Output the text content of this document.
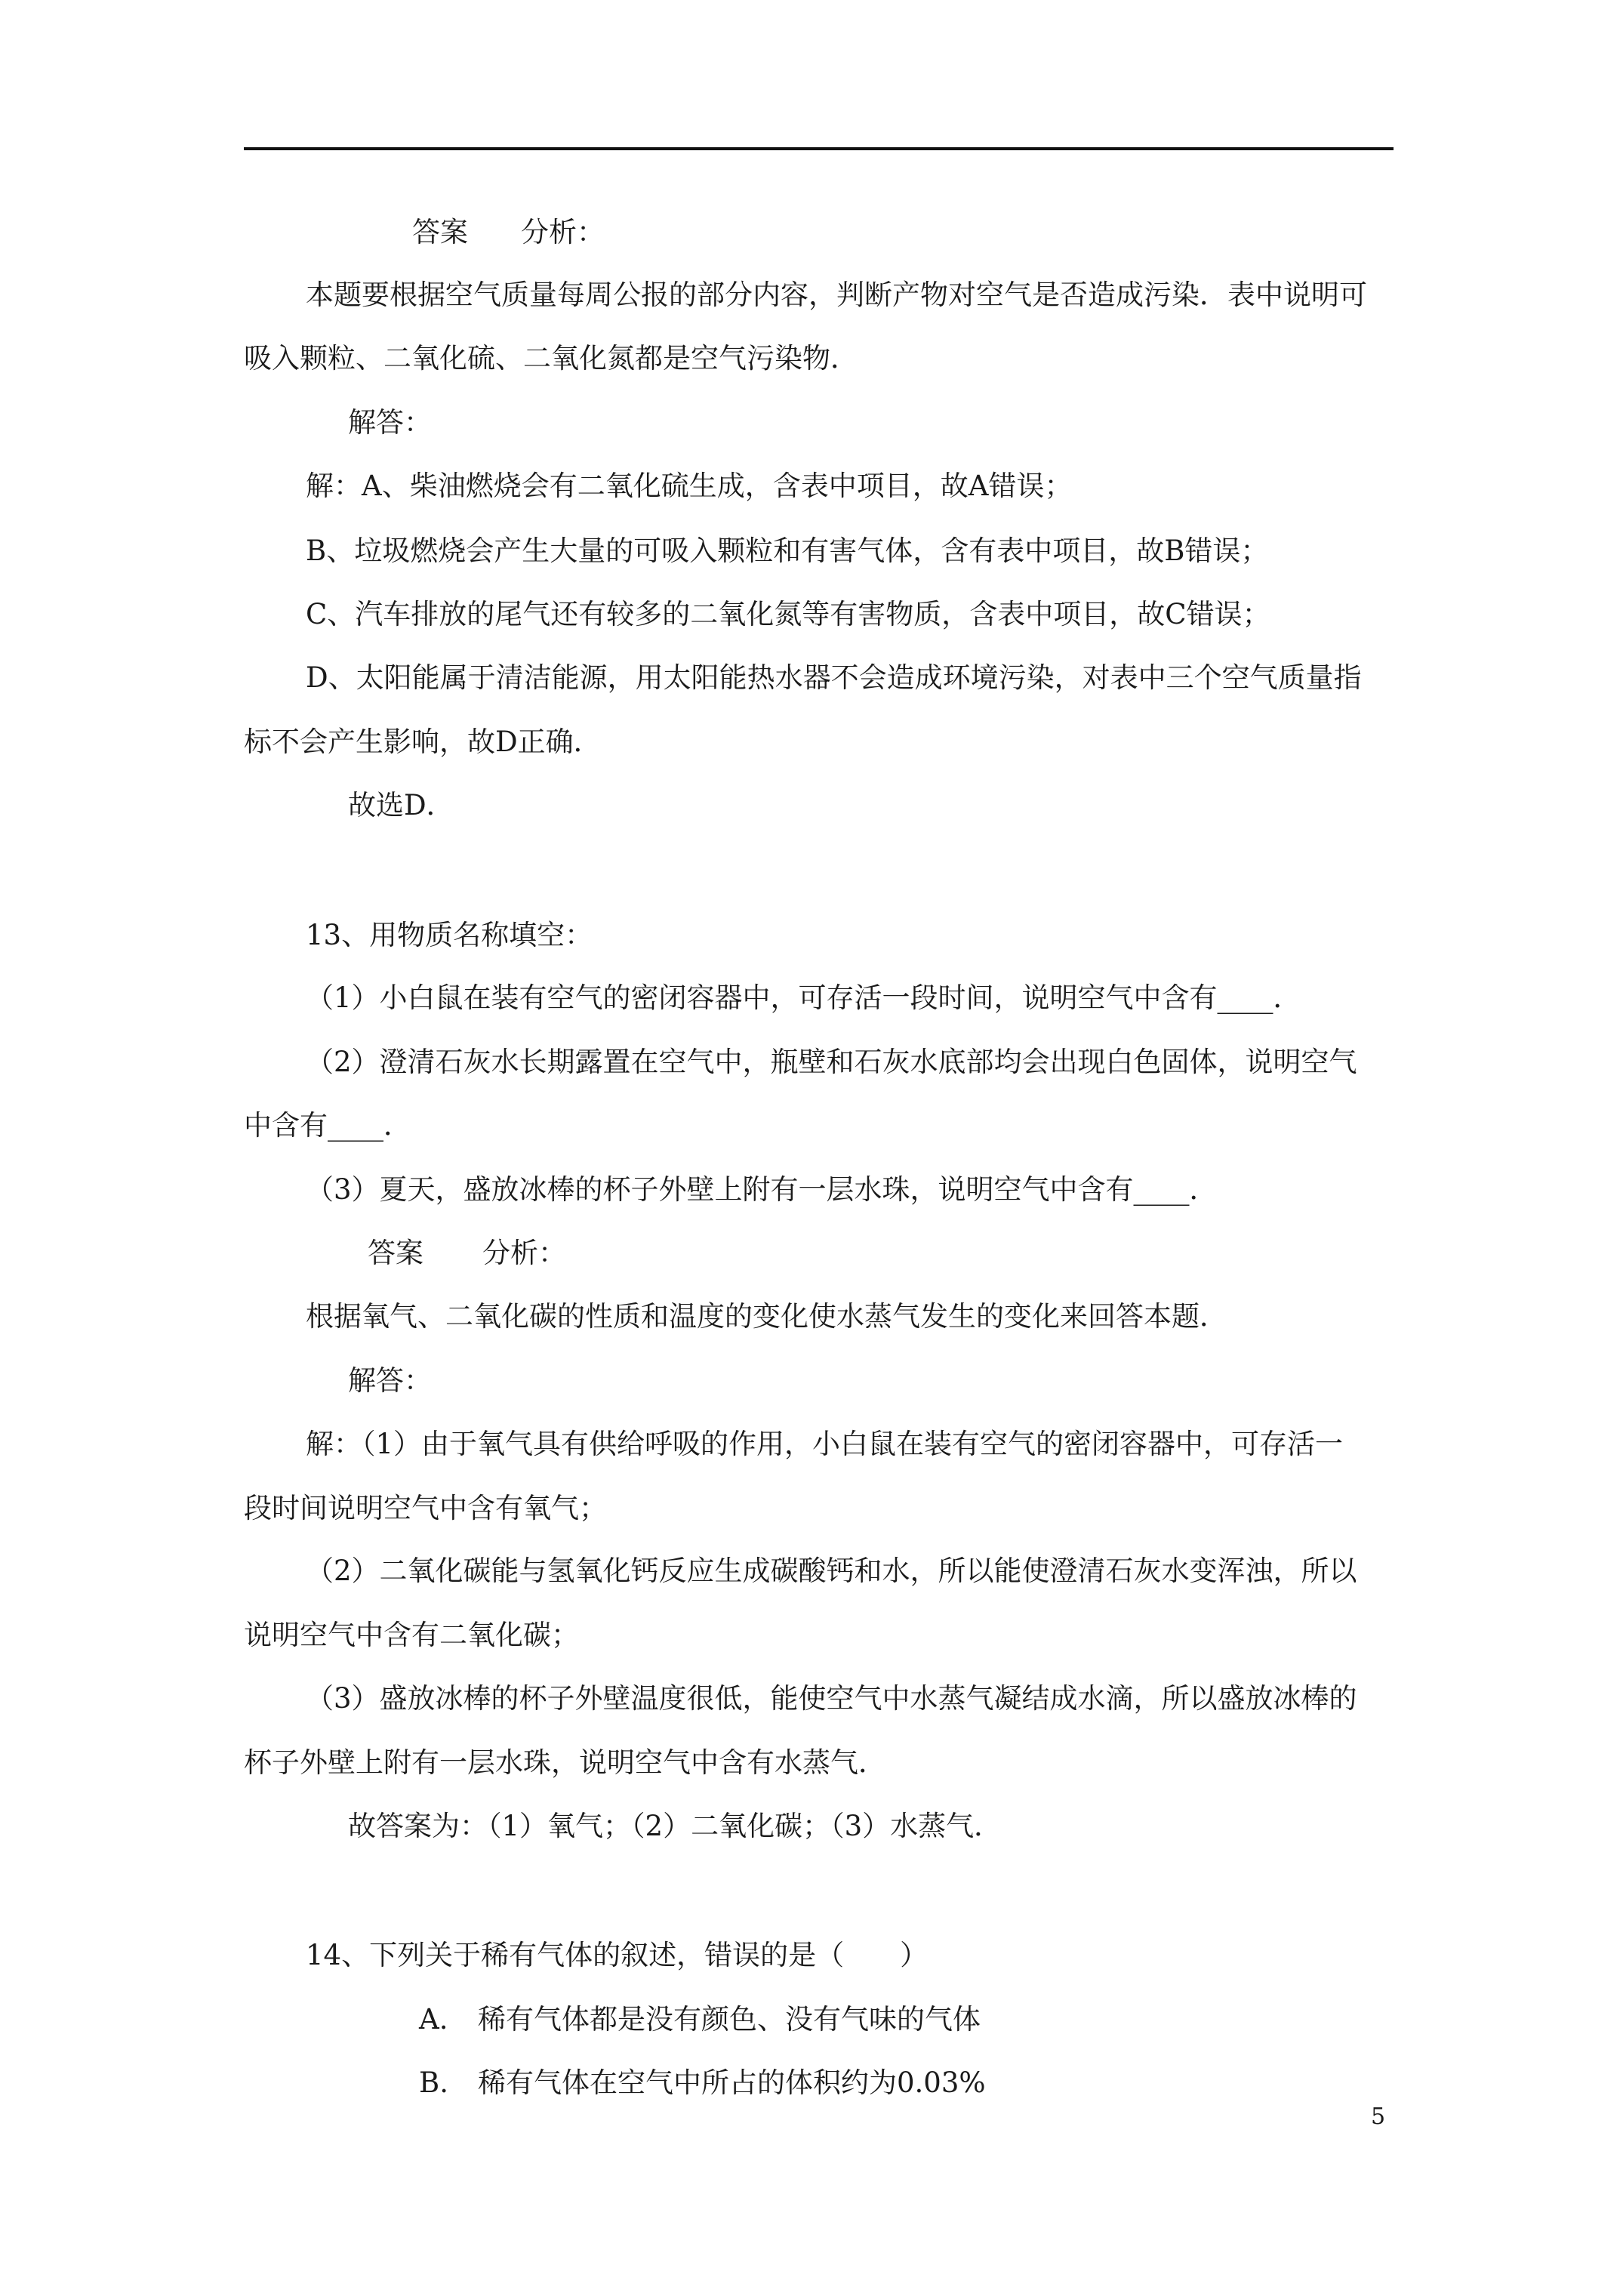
答案 分析：
本题要根据空气质量每周公报的部分内容，判断产物对空气是否造成污染．表中说明可
吸入颗粒、二氧化硫、二氧化氮都是空气污染物．
解答：
解：A、柴油燃烧会有二氧化硫生成，含表中项目，故A错误；
B、垃圾燃烧会产生大量的可吸入颗粒和有害气体，含有表中项目，故B错误；
C、汽车排放的尾气还有较多的二氧化氮等有害物质，含表中项目，故C错误；
D、太阳能属于清洁能源，用太阳能热水器不会造成环境污染，对表中三个空气质量指
标不会产生影响，故D正确．
故选D．
13、用物质名称填空：
（1）小白鼠在装有空气的密闭容器中，可存活一段时间，说明空气中含有____．
（2）澄清石灰水长期露置在空气中，瓶壁和石灰水底部均会出现白色固体，说明空气
中含有____．
（3）夏天，盛放冰棒的杯子外壁上附有一层水珠，说明空气中含有____．
答案 分析：
根据氧气、二氧化碳的性质和温度的变化使水蒸气发生的变化来回答本题．
解答：
解：（1）由于氧气具有供给呼吸的作用，小白鼠在装有空气的密闭容器中，可存活一
段时间说明空气中含有氧气；
（2）二氧化碳能与氢氧化钙反应生成碳酸钙和水，所以能使澄清石灰水变浑浊，所以
说明空气中含有二氧化碳；
（3）盛放冰棒的杯子外壁温度很低，能使空气中水蒸气凝结成水滴，所以盛放冰棒的
杯子外壁上附有一层水珠，说明空气中含有水蒸气．
故答案为：（1）氧气；（2）二氧化碳；（3）水蒸气．
14、下列关于稀有气体的叙述，错误的是（　　）
A. 稀有气体都是没有颜色、没有气味的气体
B. 稀有气体在空气中所占的体积约为0.03%
5
